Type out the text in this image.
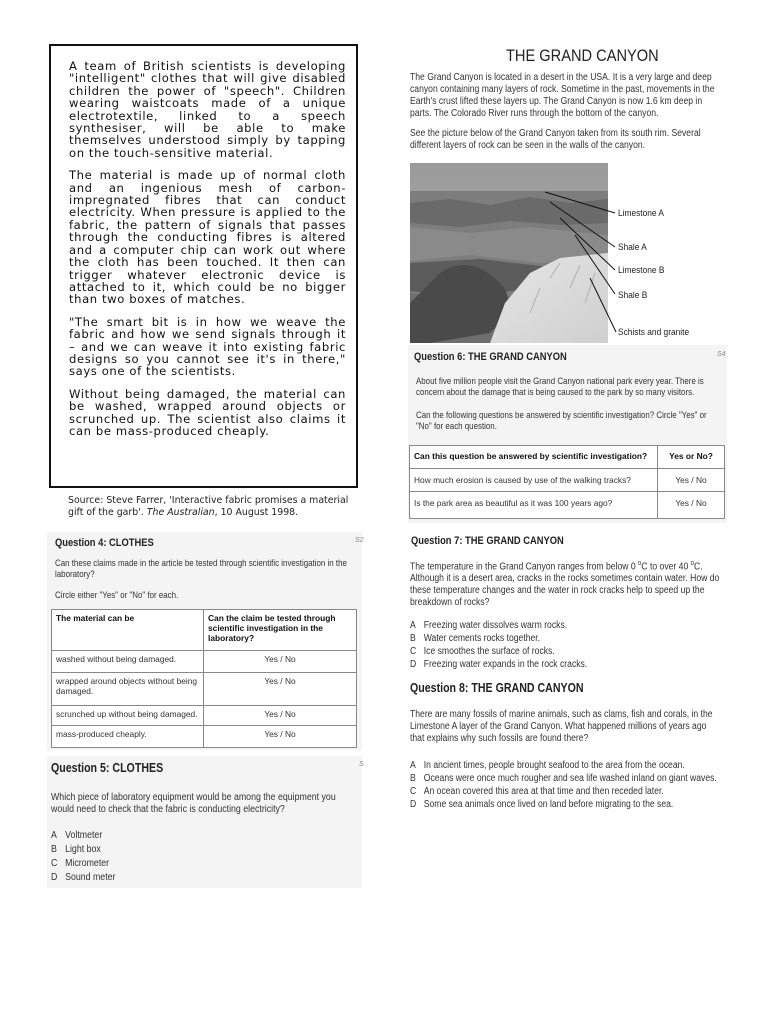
A team of British scientists is developing "intelligent" clothes that will give disabled children the power of "speech". Children wearing waistcoats made of a unique electrotextile, linked to a speech synthesiser, will be able to make themselves understood simply by tapping on the touch-sensitive material.

The material is made up of normal cloth and an ingenious mesh of carbon-impregnated fibres that can conduct electricity. When pressure is applied to the fabric, the pattern of signals that passes through the conducting fibres is altered and a computer chip can work out where the cloth has been touched. It then can trigger whatever electronic device is attached to it, which could be no bigger than two boxes of matches.

"The smart bit is in how we weave the fabric and how we send signals through it – and we can weave it into existing fabric designs so you cannot see it's in there," says one of the scientists.

Without being damaged, the material can be washed, wrapped around objects or scrunched up. The scientist also claims it can be mass-produced cheaply.

Source: Steve Farrer, 'Interactive fabric promises a material gift of the garb'. The Australian, 10 August 1998.
Question 4: CLOTHES	S2
Can these claims made in the article be tested through scientific investigation in the laboratory?
Circle either "Yes" or "No" for each.
The material can be	Can the claim be tested through scientific investigation in the laboratory?
washed without being damaged.	Yes / No
wrapped around objects without being damaged.	Yes / No
scrunched up without being damaged.	Yes / No
mass-produced cheaply.	Yes / No
Question 5: CLOTHES	S
Which piece of laboratory equipment would be among the equipment you would need to check that the fabric is conducting electricity?
A Voltmeter
B Light box
C Micrometer
D Sound meter
THE GRAND CANYON
The Grand Canyon is located in a desert in the USA. It is a very large and deep canyon containing many layers of rock. Sometime in the past, movements in the Earth's crust lifted these layers up. The Grand Canyon is now 1.6 km deep in parts. The Colorado River runs through the bottom of the canyon.
See the picture below of the Grand Canyon taken from its south rim. Several different layers of rock can be seen in the walls of the canyon.
Limestone A
Shale A
Limestone B
Shale B
Schists and granite
Question 6: THE GRAND CANYON	S4
About five million people visit the Grand Canyon national park every year. There is concern about the damage that is being caused to the park by so many visitors.
Can the following questions be answered by scientific investigation? Circle "Yes" or "No" for each question.
Can this question be answered by scientific investigation?	Yes or No?
How much erosion is caused by use of the walking tracks?	Yes / No
Is the park area as beautiful as it was 100 years ago?	Yes / No
Question 7: THE GRAND CANYON
The temperature in the Grand Canyon ranges from below 0 $^o$C to over 40 $^o$C. Although it is a desert area, cracks in the rocks sometimes contain water. How do these temperature changes and the water in rock cracks help to speed up the breakdown of rocks?
A Freezing water dissolves warm rocks.
B Water cements rocks together.
C Ice smoothes the surface of rocks.
D Freezing water expands in the rock cracks.
Question 8: THE GRAND CANYON
There are many fossils of marine animals, such as clams, fish and corals, in the Limestone A layer of the Grand Canyon. What happened millions of years ago that explains why such fossils are found there?
A In ancient times, people brought seafood to the area from the ocean.
B Oceans were once much rougher and sea life washed inland on giant waves.
C An ocean covered this area at that time and then receded later.
D Some sea animals once lived on land before migrating to the sea.
